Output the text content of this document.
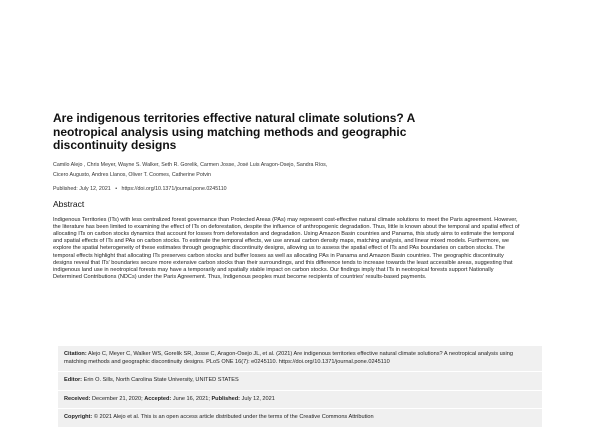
Are indigenous territories effective natural climate solutions? A neotropical analysis using matching methods and geographic discontinuity designs
Camilo Alejo , Chris Meyer, Wayne S. Walker, Seth R. Gorelik, Carmen Josse, José Luis Aragon-Osejo, Sandra Ríos,
Cicero Augusto, Andres Llanos, Oliver T. Coomes, Catherine Potvin
Published: July 12, 2021 • https://doi.org/10.1371/journal.pone.0245110
Abstract

Indigenous Territories (ITs) with less centralized forest governance than Protected Areas (PAs) may represent cost-effective natural climate solutions to meet the Paris agreement. However, the literature has been limited to examining the effect of ITs on deforestation, despite the influence of anthropogenic degradation. Thus, little is known about the temporal and spatial effect of allocating ITs on carbon stocks dynamics that account for losses from deforestation and degradation. Using Amazon Basin countries and Panama, this study aims to estimate the temporal and spatial effects of ITs and PAs on carbon stocks. To estimate the temporal effects, we use annual carbon density maps, matching analysis, and linear mixed models. Furthermore, we explore the spatial heterogeneity of these estimates through geographic discontinuity designs, allowing us to assess the spatial effect of ITs and PAs boundaries on carbon stocks. The temporal effects highlight that allocating ITs preserves carbon stocks and buffer losses as well as allocating PAs in Panama and Amazon Basin countries. The geographic discontinuity designs reveal that ITs' boundaries secure more extensive carbon stocks than their surroundings, and this difference tends to increase towards the least accessible areas, suggesting that indigenous land use in neotropical forests may have a temporarily and spatially stable impact on carbon stocks. Our findings imply that ITs in neotropical forests support Nationally Determined Contributions (NDCs) under the Paris Agreement. Thus, Indigenous peoples must become recipients of countries' results-based payments.

Citation: Alejo C, Meyer C, Walker WS, Gorelik SR, Josse C, Aragon-Osejo JL, et al. (2021) Are indigenous territories effective natural climate solutions? A neotropical analysis using matching methods and geographic discontinuity designs. PLoS ONE 16(7): e0245110. https://doi.org/10.1371/journal.pone.0245110
Editor: Erin O. Sills, North Carolina State University, UNITED STATES
Received: December 21, 2020; Accepted: June 16, 2021; Published: July 12, 2021
Copyright: © 2021 Alejo et al. This is an open access article distributed under the terms of the Creative Commons Attribution
